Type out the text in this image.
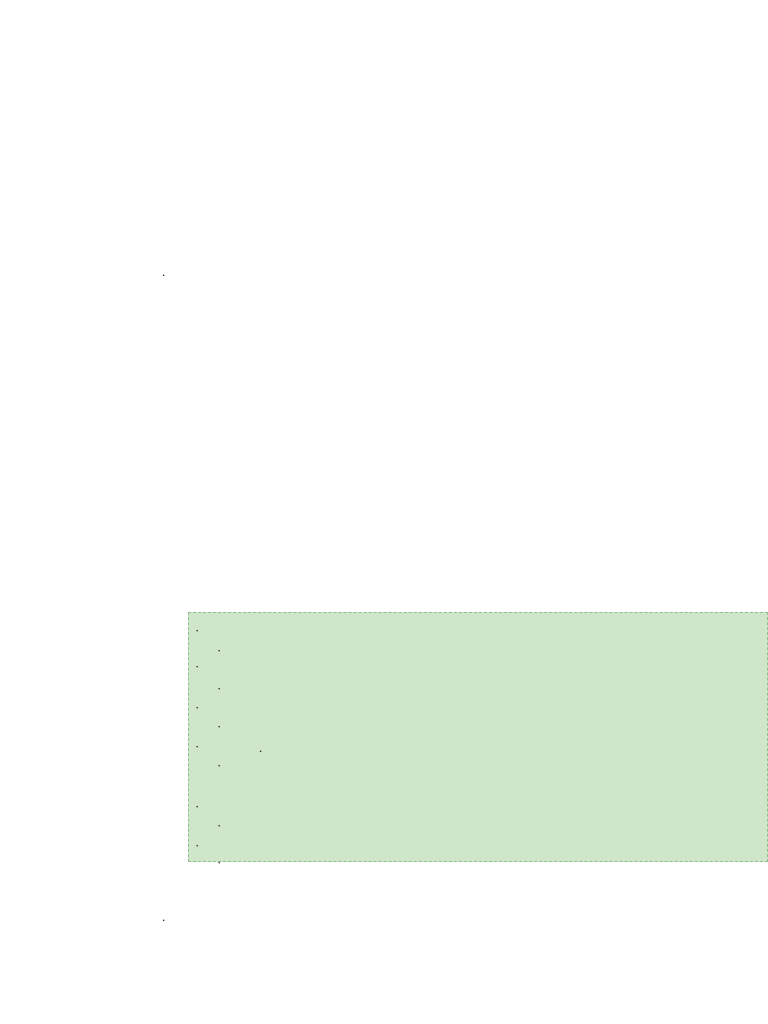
.
·
·
·
·
·
·
·	.
·
·
·
·
·
.
